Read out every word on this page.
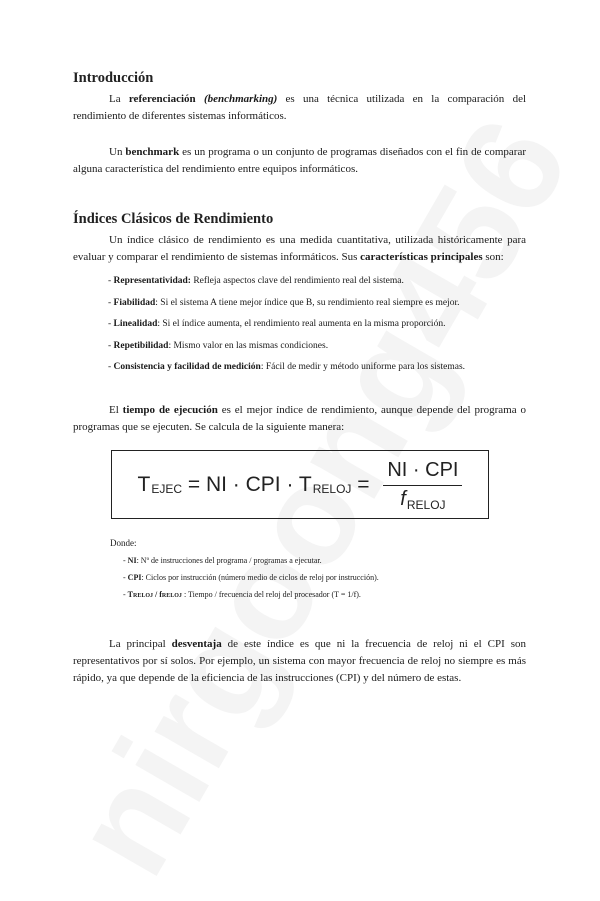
Introducción

La referenciación (benchmarking) es una técnica utilizada en la comparación del rendimiento de diferentes sistemas informáticos.

Un benchmark es un programa o un conjunto de programas diseñados con el fin de comparar alguna característica del rendimiento entre equipos informáticos.

Índices Clásicos de Rendimiento

Un índice clásico de rendimiento es una medida cuantitativa, utilizada históricamente para evaluar y comparar el rendimiento de sistemas informáticos. Sus características principales son:

- Representatividad: Refleja aspectos clave del rendimiento real del sistema.
- Fiabilidad: Si el sistema A tiene mejor índice que B, su rendimiento real siempre es mejor.
- Linealidad: Si el índice aumenta, el rendimiento real aumenta en la misma proporción.
- Repetibilidad: Mismo valor en las mismas condiciones.
- Consistencia y facilidad de medición: Fácil de medir y método uniforme para los sistemas.

El tiempo de ejecución es el mejor índice de rendimiento, aunque depende del programa o programas que se ejecuten. Se calcula de la siguiente manera:

T EJEC = NI · CPI · T RELOJ = $\frac{\text{NI · CPI}}{f_{RELOJ}}$
Donde:
- NI: Nº de instrucciones del programa / programas a ejecutar.
- CPI: Ciclos por instrucción (número medio de ciclos de reloj por instrucción).
- TRELOJ / fRELOJ : Tiempo / frecuencia del reloj del procesador (T = 1/f).

La principal desventaja de este índice es que ni la frecuencia de reloj ni el CPI son representativos por sí solos. Por ejemplo, un sistema con mayor frecuencia de reloj no siempre es más rápido, ya que depende de la eficiencia de las instrucciones (CPI) y del número de estas.
